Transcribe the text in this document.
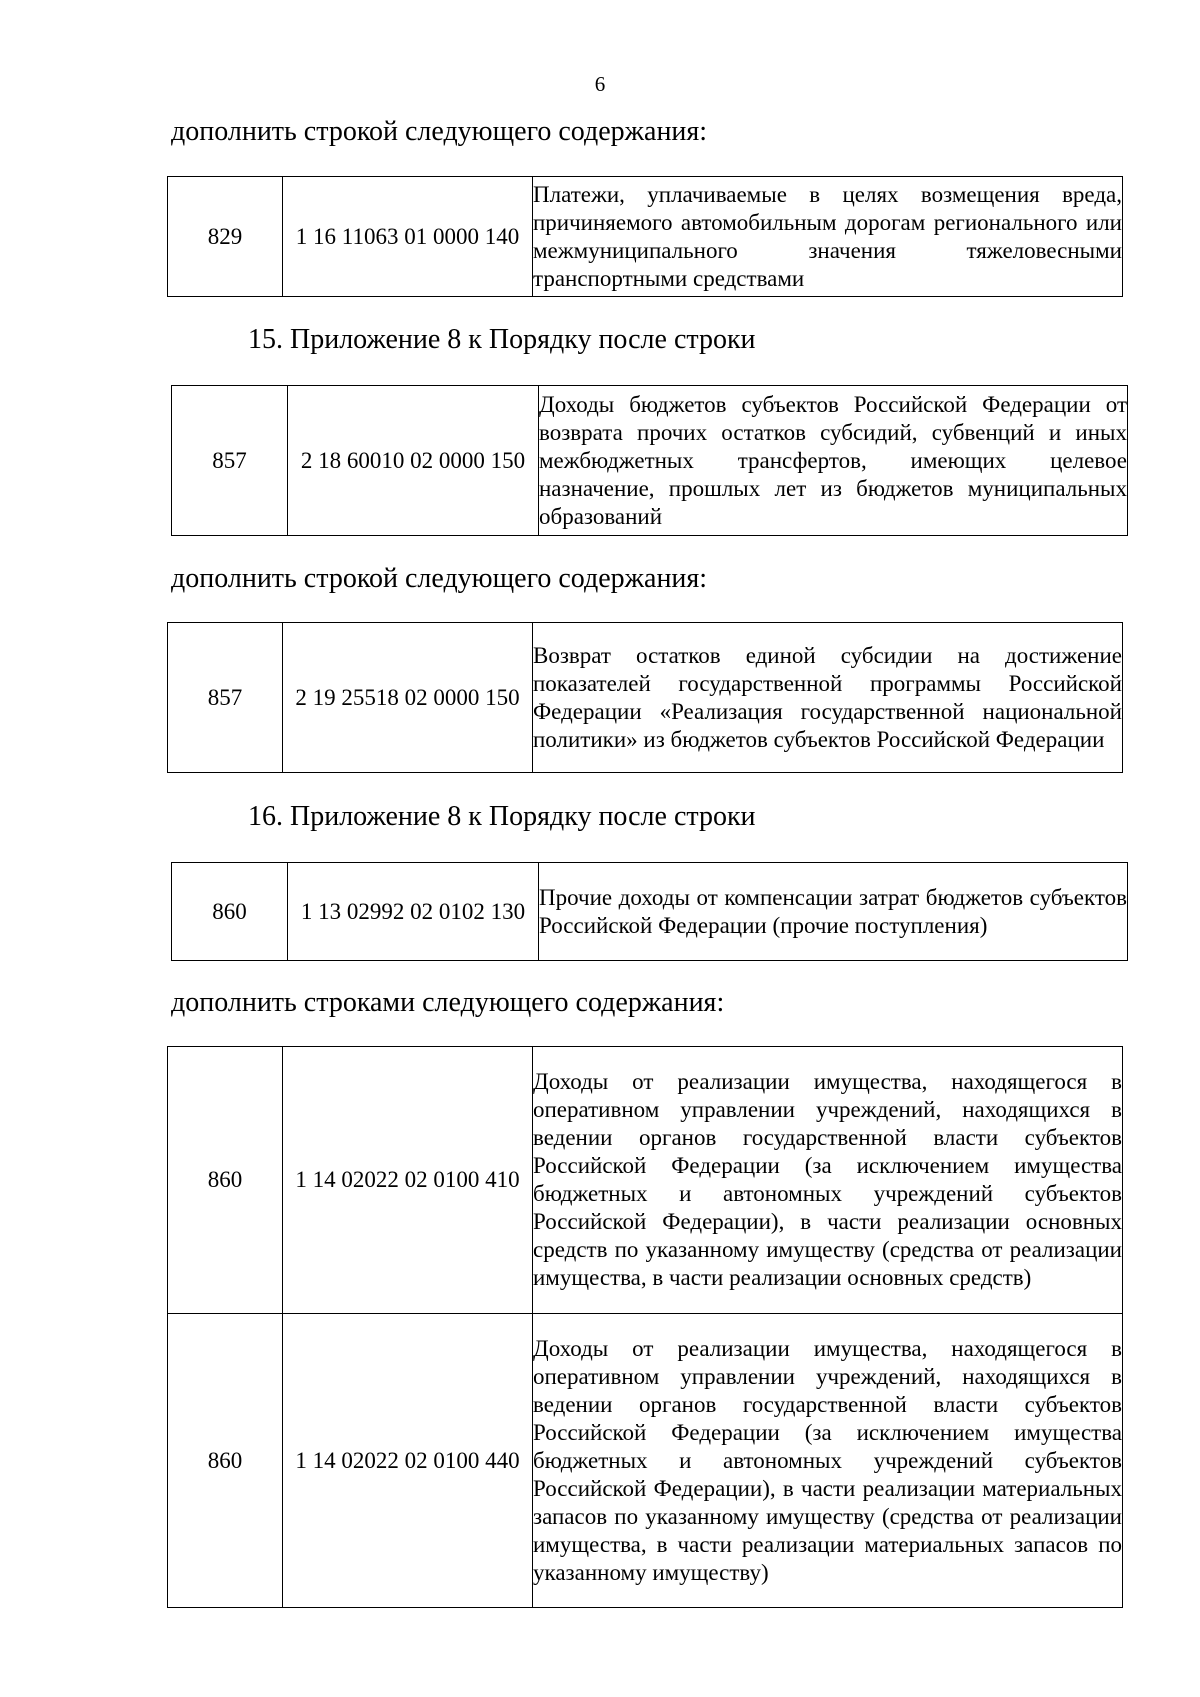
6
дополнить строкой следующего содержания:
829	1 16 11063 01 0000 140	Платежи, уплачиваемые в целях возмещения вреда, причиняемого автомобильным дорогам регионального или межмуниципального значения тяжеловесными транспортными средствами
15. Приложение 8 к Порядку после строки
857	2 18 60010 02 0000 150	Доходы бюджетов субъектов Российской Федерации от возврата прочих остатков субсидий, субвенций и иных межбюджетных трансфертов, имеющих целевое назначение, прошлых лет из бюджетов муниципальных образований
дополнить строкой следующего содержания:
857	2 19 25518 02 0000 150	Возврат остатков единой субсидии на достижение показателей государственной программы Российской Федерации «Реализация государственной национальной политики» из бюджетов субъектов Российской Федерации
16. Приложение 8 к Порядку после строки
860	1 13 02992 02 0102 130	Прочие доходы от компенсации затрат бюджетов субъектов Российской Федерации (прочие поступления)
дополнить строками следующего содержания:
860	1 14 02022 02 0100 410	Доходы от реализации имущества, находящегося в оперативном управлении учреждений, находящихся в ведении органов государственной власти субъектов Российской Федерации (за исключением имущества бюджетных и автономных учреждений субъектов Российской Федерации), в части реализации основных средств по указанному имуществу (средства от реализации имущества, в части реализации основных средств)
860	1 14 02022 02 0100 440	Доходы от реализации имущества, находящегося в оперативном управлении учреждений, находящихся в ведении органов государственной власти субъектов Российской Федерации (за исключением имущества бюджетных и автономных учреждений субъектов Российской Федерации), в части реализации материальных запасов по указанному имуществу (средства от реализации имущества, в части реализации материальных запасов по указанному имуществу)
